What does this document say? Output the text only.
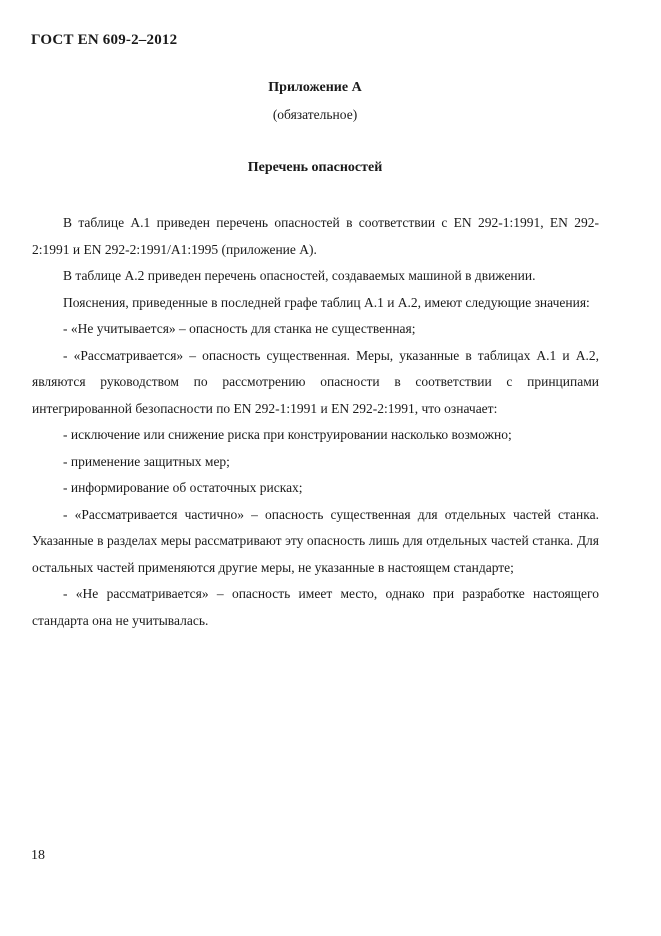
ГОСТ EN 609-2–2012
Приложение А
(обязательное)
Перечень опасностей

В таблице А.1 приведен перечень опасностей в соответствии с EN 292-1:1991, EN 292-2:1991 и EN 292-2:1991/A1:1995 (приложение А).

В таблице А.2 приведен перечень опасностей, создаваемых машиной в движении.

Пояснения, приведенные в последней графе таблиц А.1 и А.2, имеют следующие значения:

- «Не учитывается» – опасность для станка не существенная;

- «Рассматривается» – опасность существенная. Меры, указанные в таблицах А.1 и А.2, являются руководством по рассмотрению опасности в соответствии с принципами интегрированной безопасности по EN 292-1:1991 и EN 292-2:1991, что означает:

- исключение или снижение риска при конструировании насколько возможно;

- применение защитных мер;

- информирование об остаточных рисках;

- «Рассматривается частично» – опасность существенная для отдельных частей станка. Указанные в разделах меры рассматривают эту опасность лишь для отдельных частей станка. Для остальных частей применяются другие меры, не указанные в настоящем стандарте;

- «Не рассматривается» – опасность имеет место, однако при разработке настоящего стандарта она не учитывалась.

18
